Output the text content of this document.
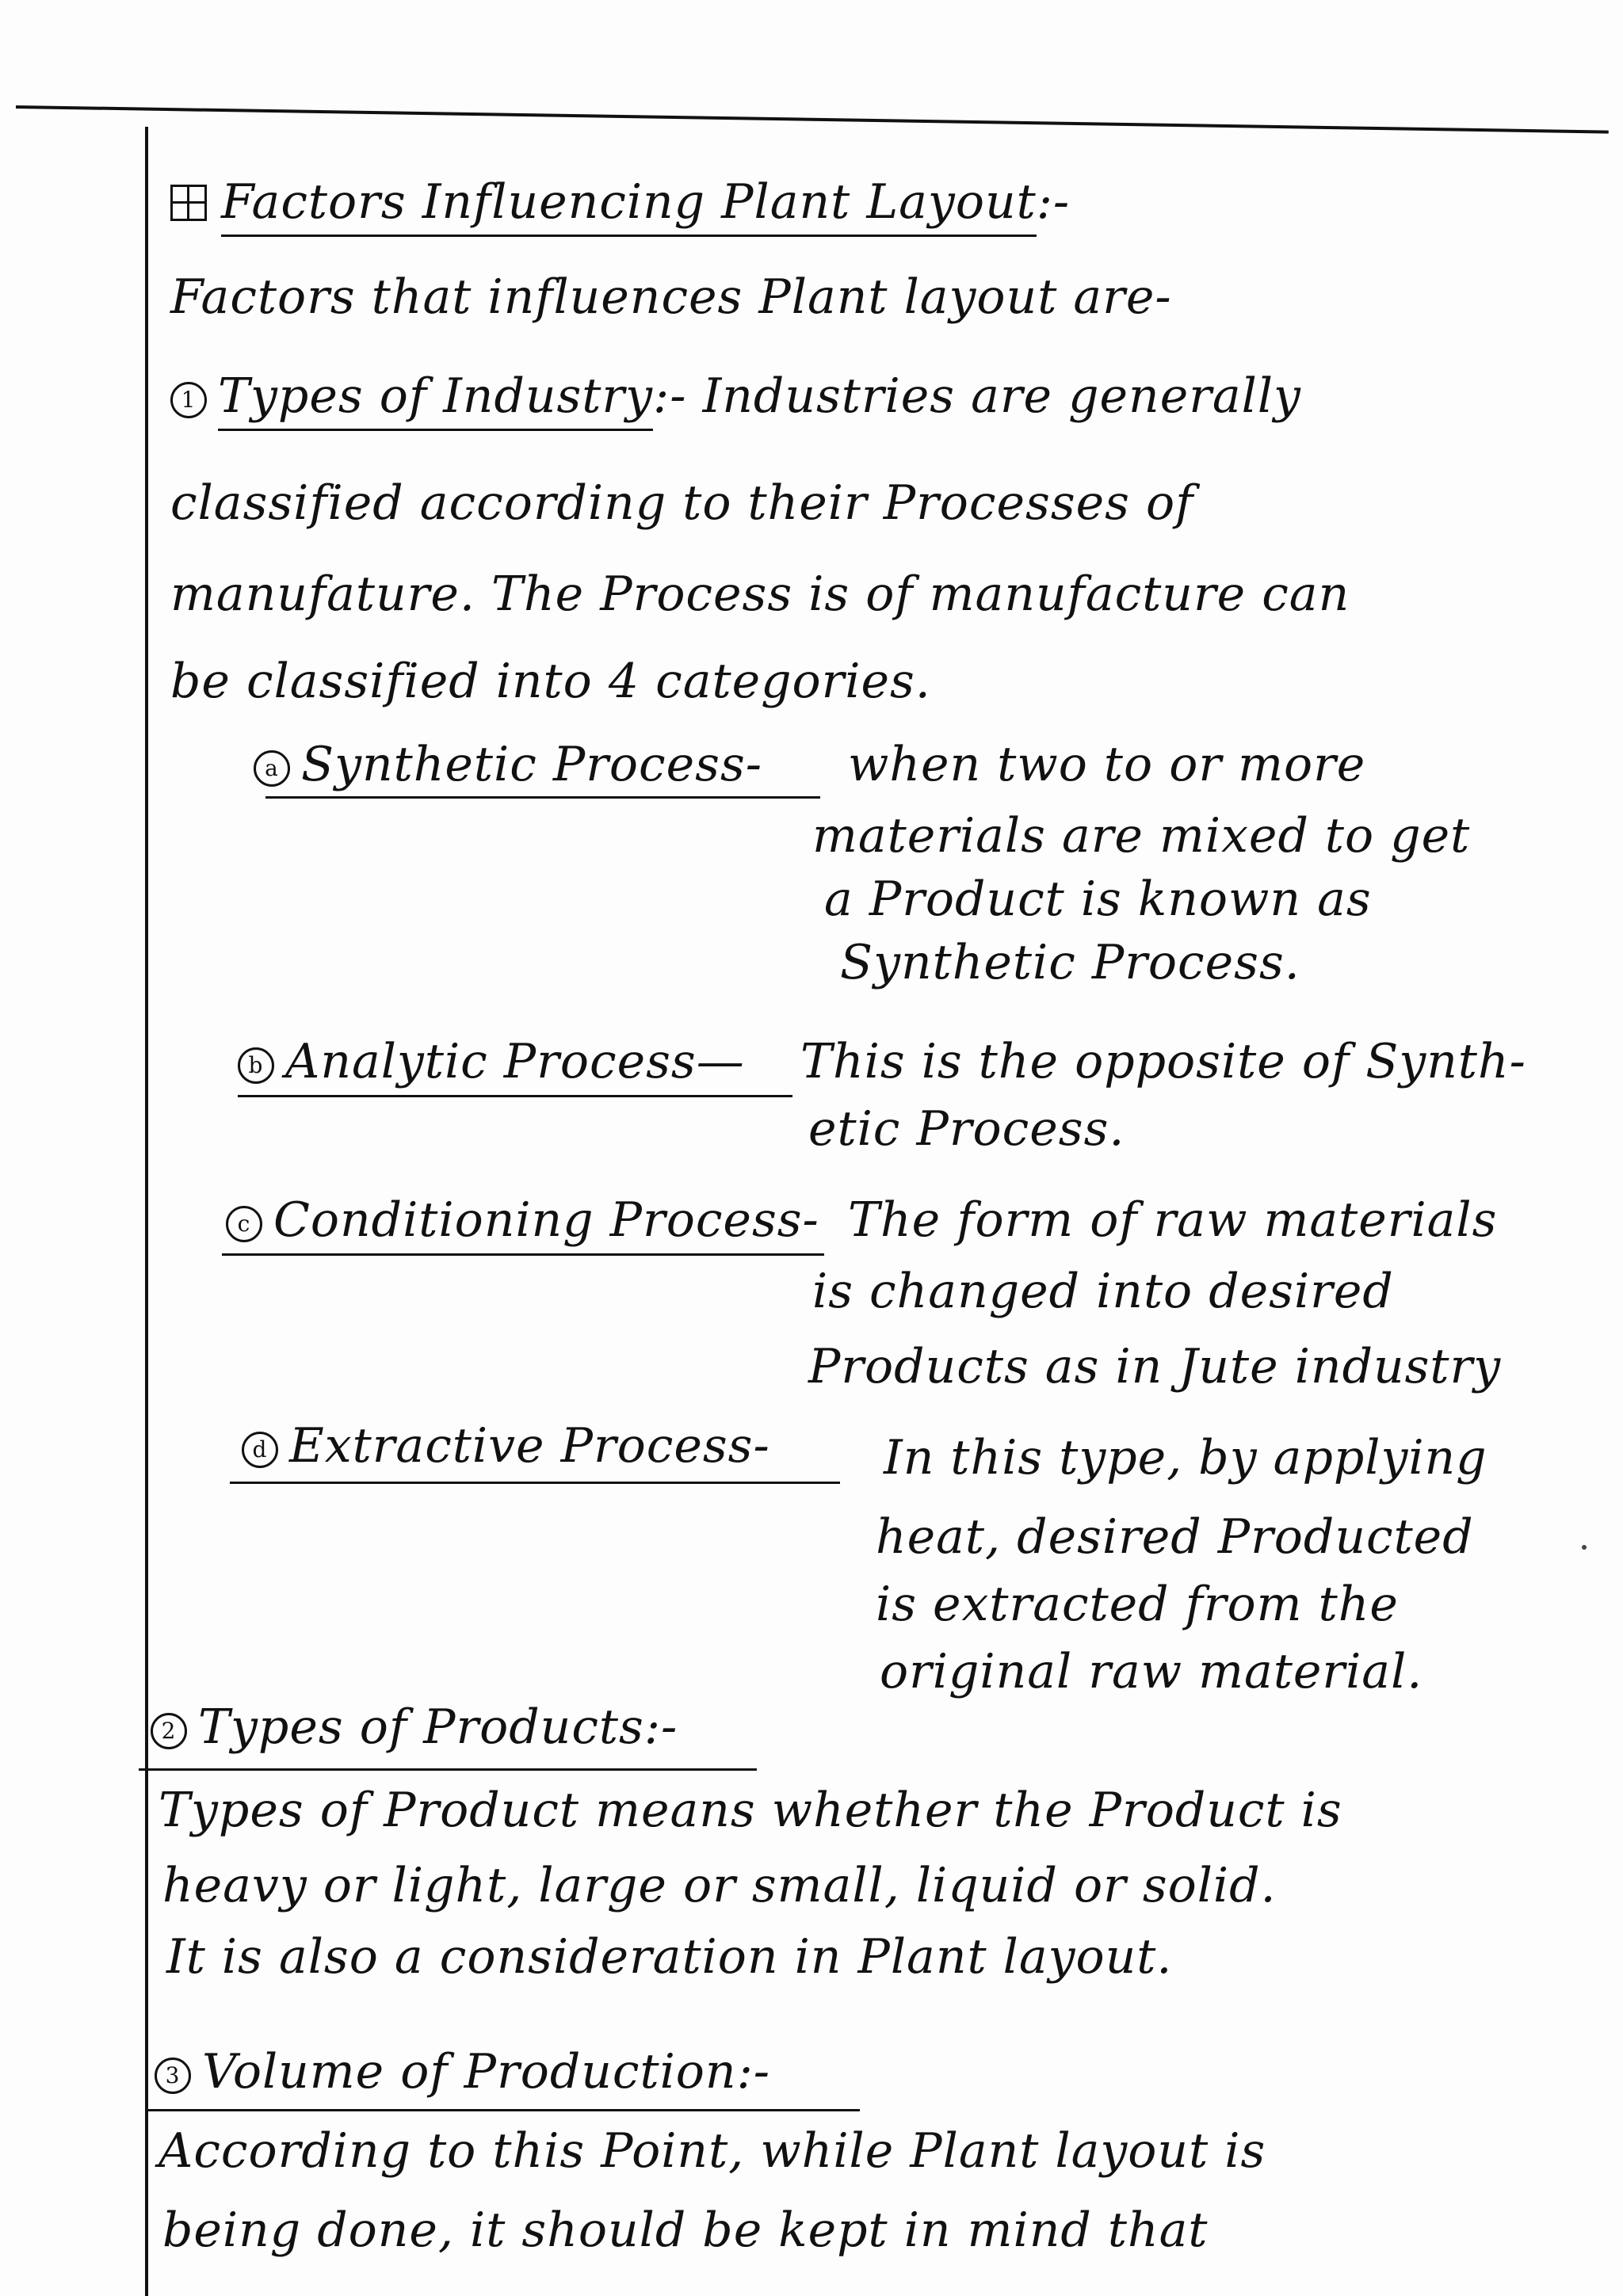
Factors Influencing Plant Layout:-
Factors that influences Plant layout are-
1 Types of Industry:- Industries are generally
classified according to their Processes of
manufature. The Process is of manufacture can
be classified into 4 categories.
a Synthetic Process- when two to or more
materials are mixed to get
a Product is known as
Synthetic Process.
b Analytic Process— This is the opposite of Synth-
etic Process.
c Conditioning Process- The form of raw materials
is changed into desired
Products as in Jute industry
d Extractive Process- In this type, by applying
heat, desired Producted
is extracted from the
original raw material.
2 Types of Products:-
Types of Product means whether the Product is
heavy or light, large or small, liquid or solid.
It is also a consideration in Plant layout.
3 Volume of Production:-
According to this Point, while Plant layout is
being done, it should be kept in mind that
